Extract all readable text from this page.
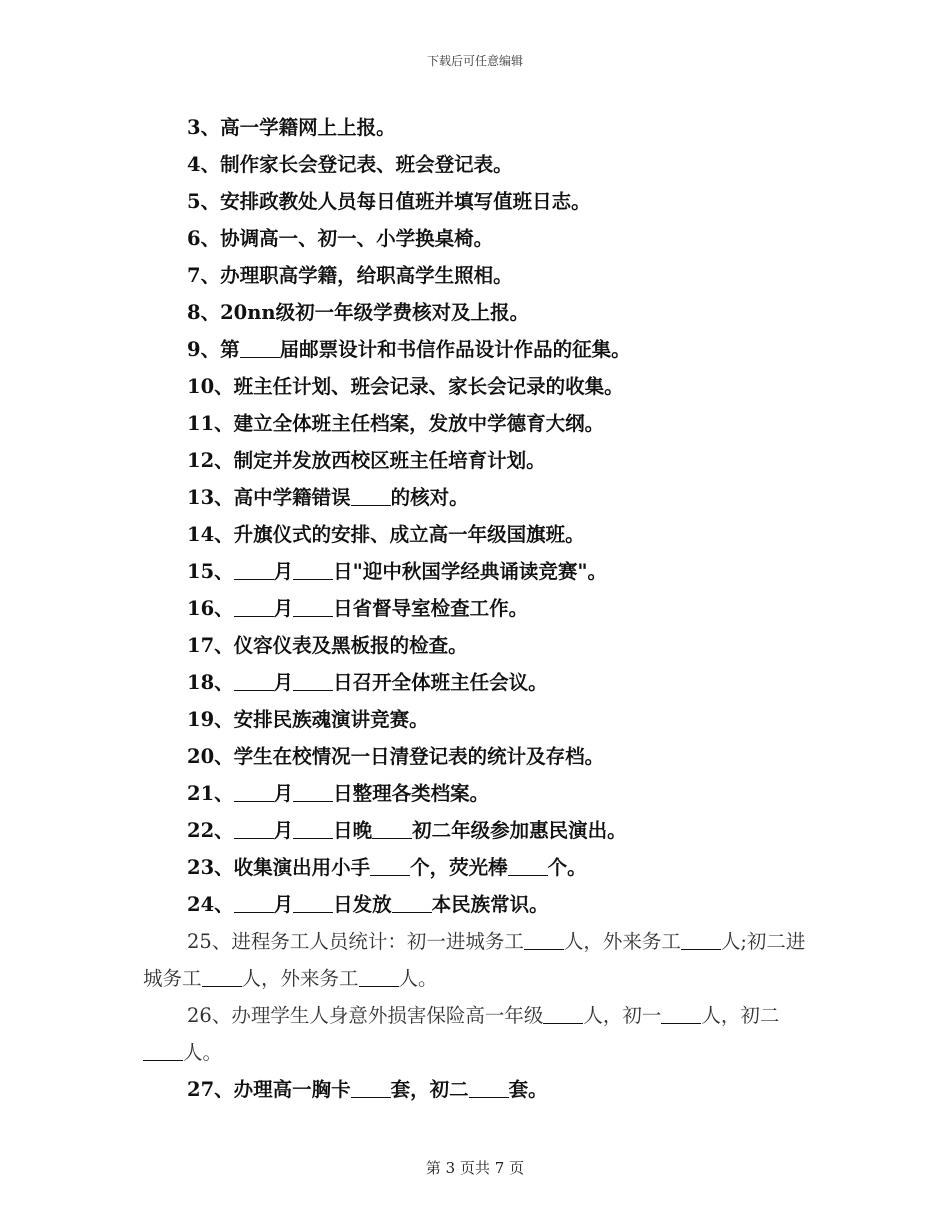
下载后可任意编辑
3、高一学籍网上上报。
4、制作家长会登记表、班会登记表。
5、安排政教处人员每日值班并填写值班日志。
6、协调高一、初一、小学换桌椅。
7、办理职高学籍，给职高学生照相。
8、20nn级初一年级学费核对及上报。
9、第 届邮票设计和书信作品设计作品的征集。
10、班主任计划、班会记录、家长会记录的收集。
11、建立全体班主任档案，发放中学德育大纲。
12、制定并发放西校区班主任培育计划。
13、高中学籍错误 的核对。
14、升旗仪式的安排、成立高一年级国旗班。
15、 月 日"迎中秋国学经典诵读竞赛"。
16、 月 日省督导室检查工作。
17、仪容仪表及黑板报的检查。
18、 月 日召开全体班主任会议。
19、安排民族魂演讲竞赛。
20、学生在校情况一日清登记表的统计及存档。
21、 月 日整理各类档案。
22、 月 日晚 初二年级参加惠民演出。
23、收集演出用小手 个，荧光棒 个。
24、 月 日发放 本民族常识。
25、进程务工人员统计：初一进城务工 人，外来务工 人;初二进城务工 人，外来务工 人。
26、办理学生人身意外损害保险高一年级 人，初一 人，初二人。
27、办理高一胸卡 套，初二 套。
第 3 页共 7 页
